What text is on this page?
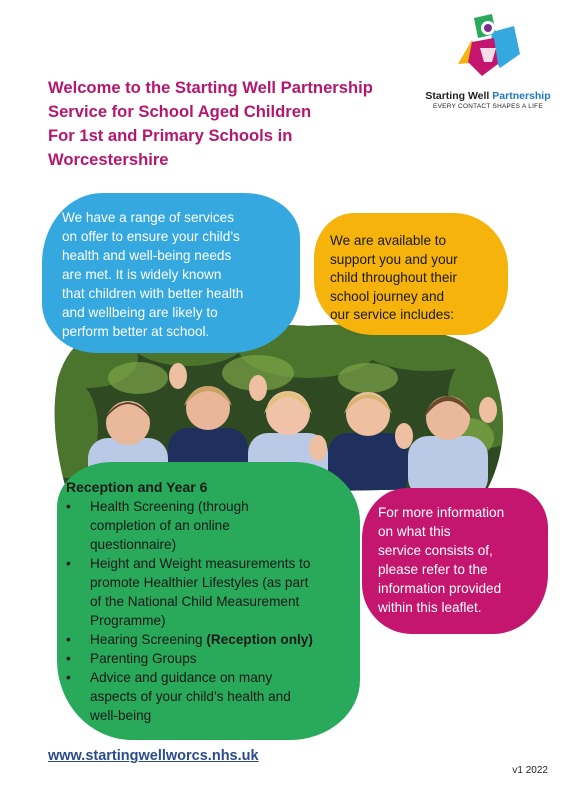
Welcome to the Starting Well Partnership
Service for School Aged Children
For 1st and Primary Schools in
Worcestershire
Starting Well Partnership
EVERY CONTACT SHAPES A LIFE
We have a range of services
on offer to ensure your child’s
health and well-being needs
are met. It is widely known
that children with better health
and wellbeing are likely to
perform better at school.
We are available to
support you and your
child throughout their
school journey and
our service includes:
Reception and Year 6
• Health Screening (through
completion of an online
questionnaire)
• Height and Weight measurements to
promote Healthier Lifestyles (as part
of the National Child Measurement
Programme)
• Hearing Screening (Reception only)
• Parenting Groups
• Advice and guidance on many
aspects of your child’s health and
well-being
For more information
on what this
service consists of,
please refer to the
information provided
within this leaflet.
www.startingwellworcs.nhs.uk
v1 2022
